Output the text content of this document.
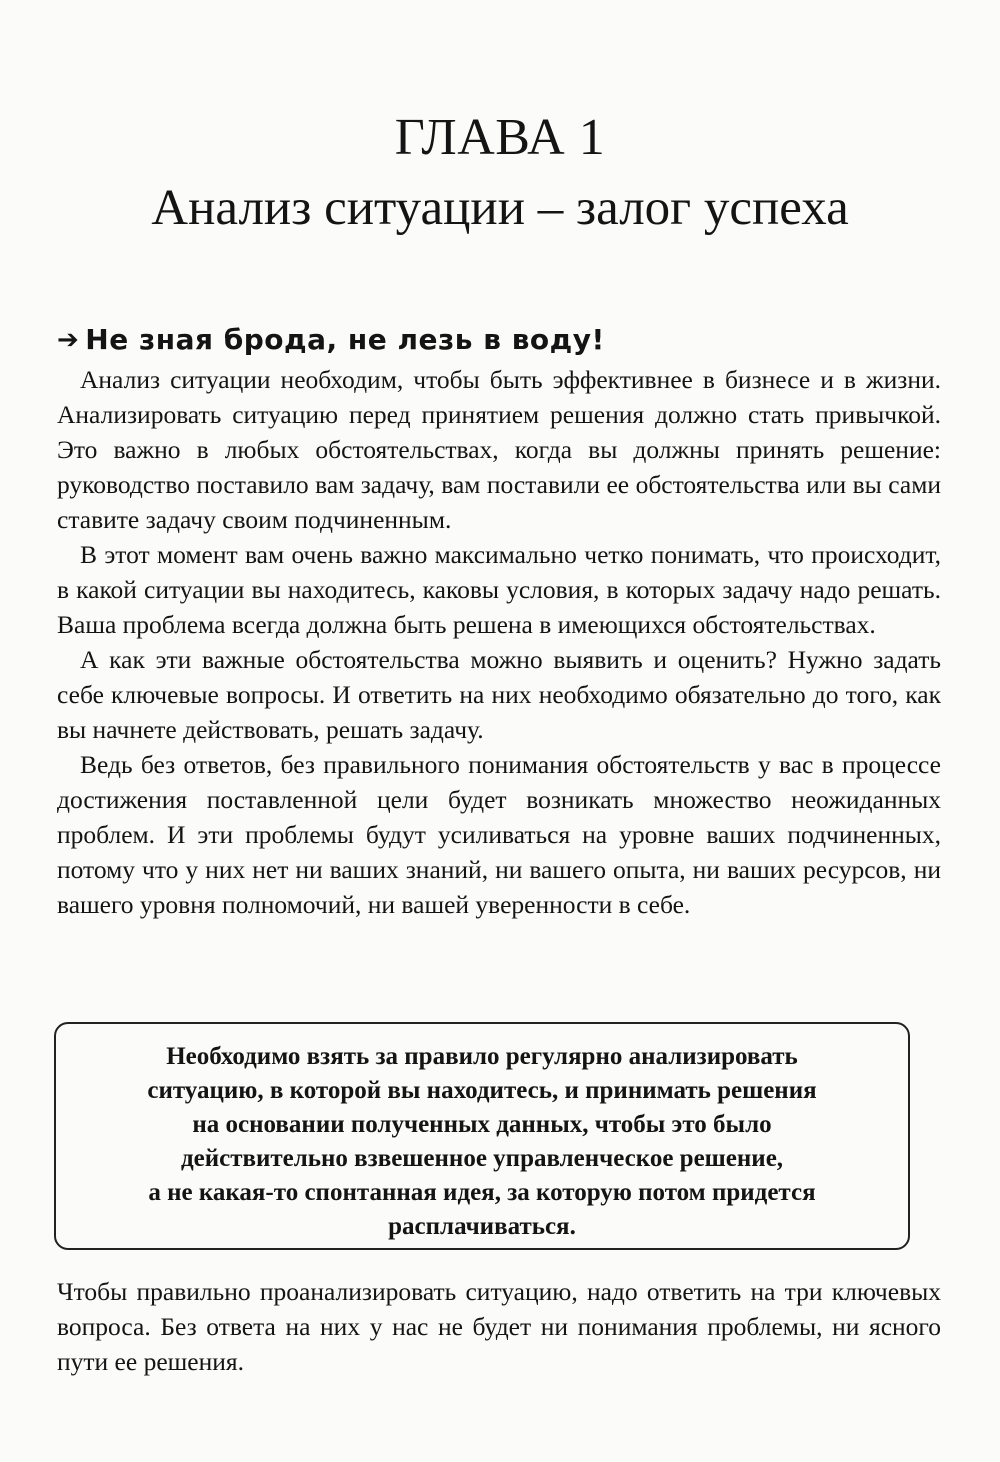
ГЛАВА 1
Анализ ситуации – залог успеха
➔ Не зная брода, не лезь в воду!

Анализ ситуации необходим, чтобы быть эффективнее в бизнесе и в жизни. Анализировать ситуацию перед принятием решения должно стать привычкой. Это важно в любых обстоятельствах, когда вы должны принять решение: руководство поставило вам задачу, вам поставили ее обстоятельства или вы сами ставите задачу своим подчиненным.

В этот момент вам очень важно максимально четко понимать, что происходит, в какой ситуации вы находитесь, каковы условия, в которых задачу надо решать. Ваша проблема всегда должна быть решена в имеющихся обстоятельствах.

А как эти важные обстоятельства можно выявить и оценить? Нужно задать себе ключевые вопросы. И ответить на них необходимо обязательно до того, как вы начнете действовать, решать задачу.

Ведь без ответов, без правильного понимания обстоятельств у вас в процессе достижения поставленной цели будет возникать множество неожиданных проблем. И эти проблемы будут усиливаться на уровне ваших подчиненных, потому что у них нет ни ваших знаний, ни вашего опыта, ни ваших ресурсов, ни вашего уровня полномочий, ни вашей уверенности в себе.

Необходимо взять за правило регулярно анализировать

ситуацию, в которой вы находитесь, и принимать решения

на основании полученных данных, чтобы это было

действительно взвешенное управленческое решение,

а не какая-то спонтанная идея, за которую потом придется

расплачиваться.

Чтобы правильно проанализировать ситуацию, надо ответить на три ключевых вопроса. Без ответа на них у нас не будет ни понимания проблемы, ни ясного пути ее решения.
